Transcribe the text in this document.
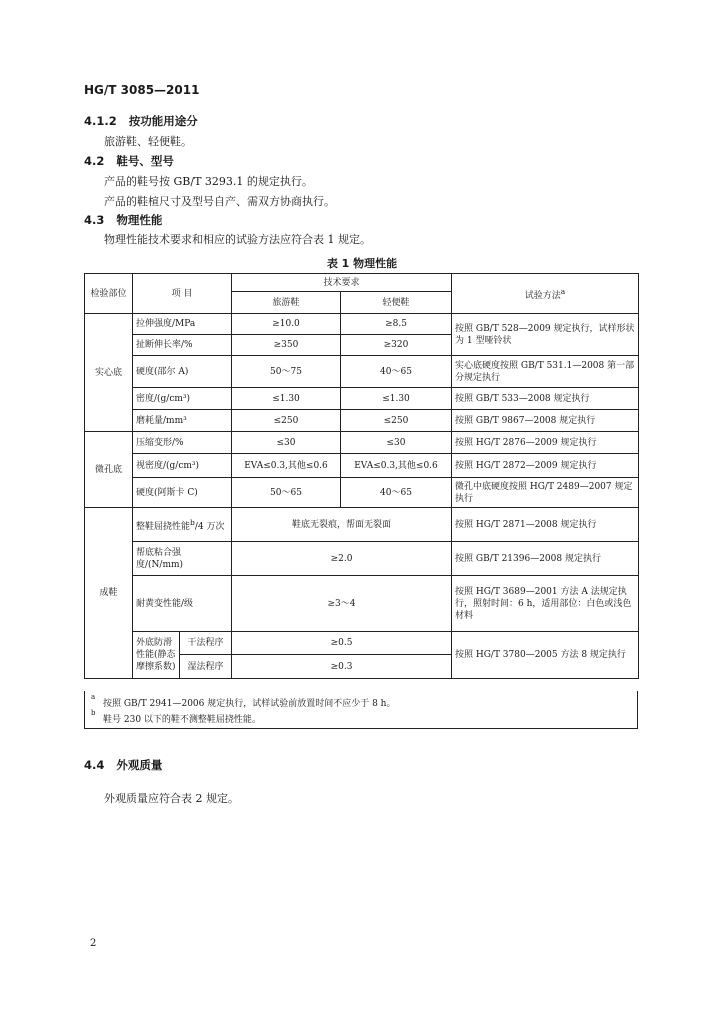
HG/T 3085—2011
4.1.2 按功能用途分
旅游鞋、轻便鞋。
4.2 鞋号、型号
产品的鞋号按 GB/T 3293.1 的规定执行。
产品的鞋楦尺寸及型号自产、需双方协商执行。
4.3 物理性能
物理性能技术要求和相应的试验方法应符合表 1 规定。
表 1 物理性能
检验部位	项 目		技术要求		试验方法$^a$
			旅游鞋	轻便鞋	
实心底	拉伸强度/MPa		≥10.0	≥8.5	按照 GB/T 528—2009 规定执行，试样形状为 1 型哑铃状
	扯断伸长率/%		≥350	≥320	
	硬度(邵尔 A)		50～75	40～65	实心底硬度按照 GB/T 531.1—2008 第一部分规定执行
	密度/(g/cm³)		≤1.30	≤1.30	按照 GB/T 533—2008 规定执行
	磨耗量/mm³		≤250	≤250	按照 GB/T 9867—2008 规定执行
微孔底	压缩变形/%		≤30	≤30	按照 HG/T 2876—2009 规定执行
	视密度/(g/cm³)		EVA≤0.3,其他≤0.6	EVA≤0.3,其他≤0.6	按照 HG/T 2872—2009 规定执行
	硬度(阿斯卡 C)		50～65	40～65	微孔中底硬度按照 HG/T 2489—2007 规定执行
成鞋	整鞋屈挠性能$^b$/4 万次		鞋底无裂痕，帮面无裂面		按照 HG/T 2871—2008 规定执行
	帮底粘合强度/(N/mm)		≥2.0		按照 GB/T 21396—2008 规定执行
	耐黄变性能/级		≥3～4		按照 HG/T 3689—2001 方法 A 法规定执行，照射时间：6 h，适用部位：白色或浅色材料
	外底防滑性能(静态摩擦系数)	干法程序	≥0.5		按照 HG/T 3780—2005 方法 8 规定执行
		湿法程序	≥0.3		
a
按照 GB/T 2941—2006 规定执行，试样试验前放置时间不应少于 8 h。
b
鞋号 230 以下的鞋不测整鞋屈挠性能。
4.4 外观质量
外观质量应符合表 2 规定。
2
